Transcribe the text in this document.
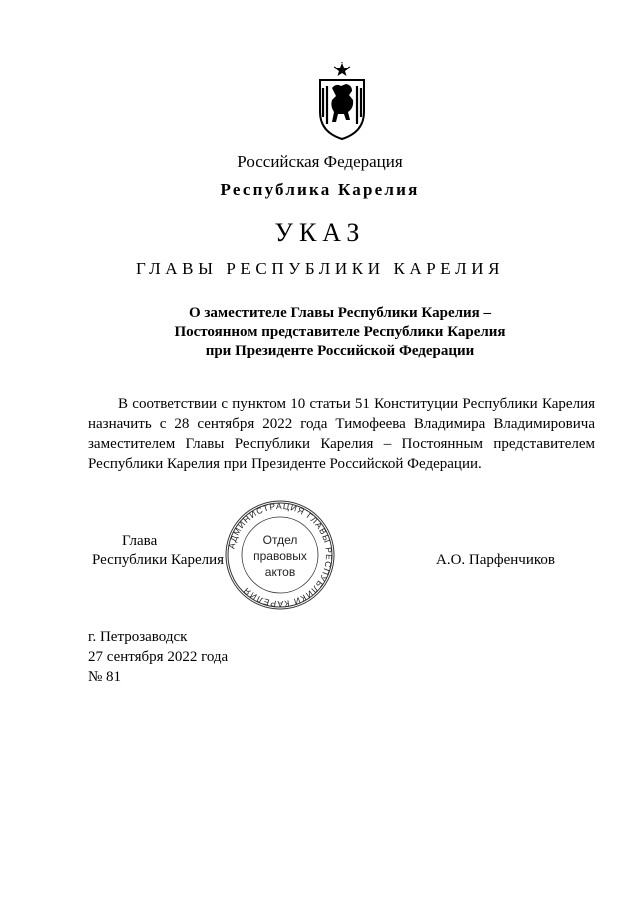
Российская Федерация
Республика Карелия
УКАЗ
ГЛАВЫ РЕСПУБЛИКИ КАРЕЛИЯ
О заместителе Главы Республики Карелия –
Постоянном представителе Республики Карелия
при Президенте Российской Федерации
В соответствии с пунктом 10 статьи 51 Конституции Республики Карелия назначить с 28 сентября 2022 года Тимофеева Владимира Владимировича заместителем Главы Республики Карелия – Постоянным представителем Республики Карелия при Президенте Российской Федерации.
Глава
Республики Карелия	А.О. Парфенчиков
АДМИНИСТРАЦИЯ ГЛАВЫ РЕСПУБЛИКИ КАРЕЛИЯ
Отдел
правовых
актов
г. Петрозаводск
27 сентября 2022 года
№ 81
